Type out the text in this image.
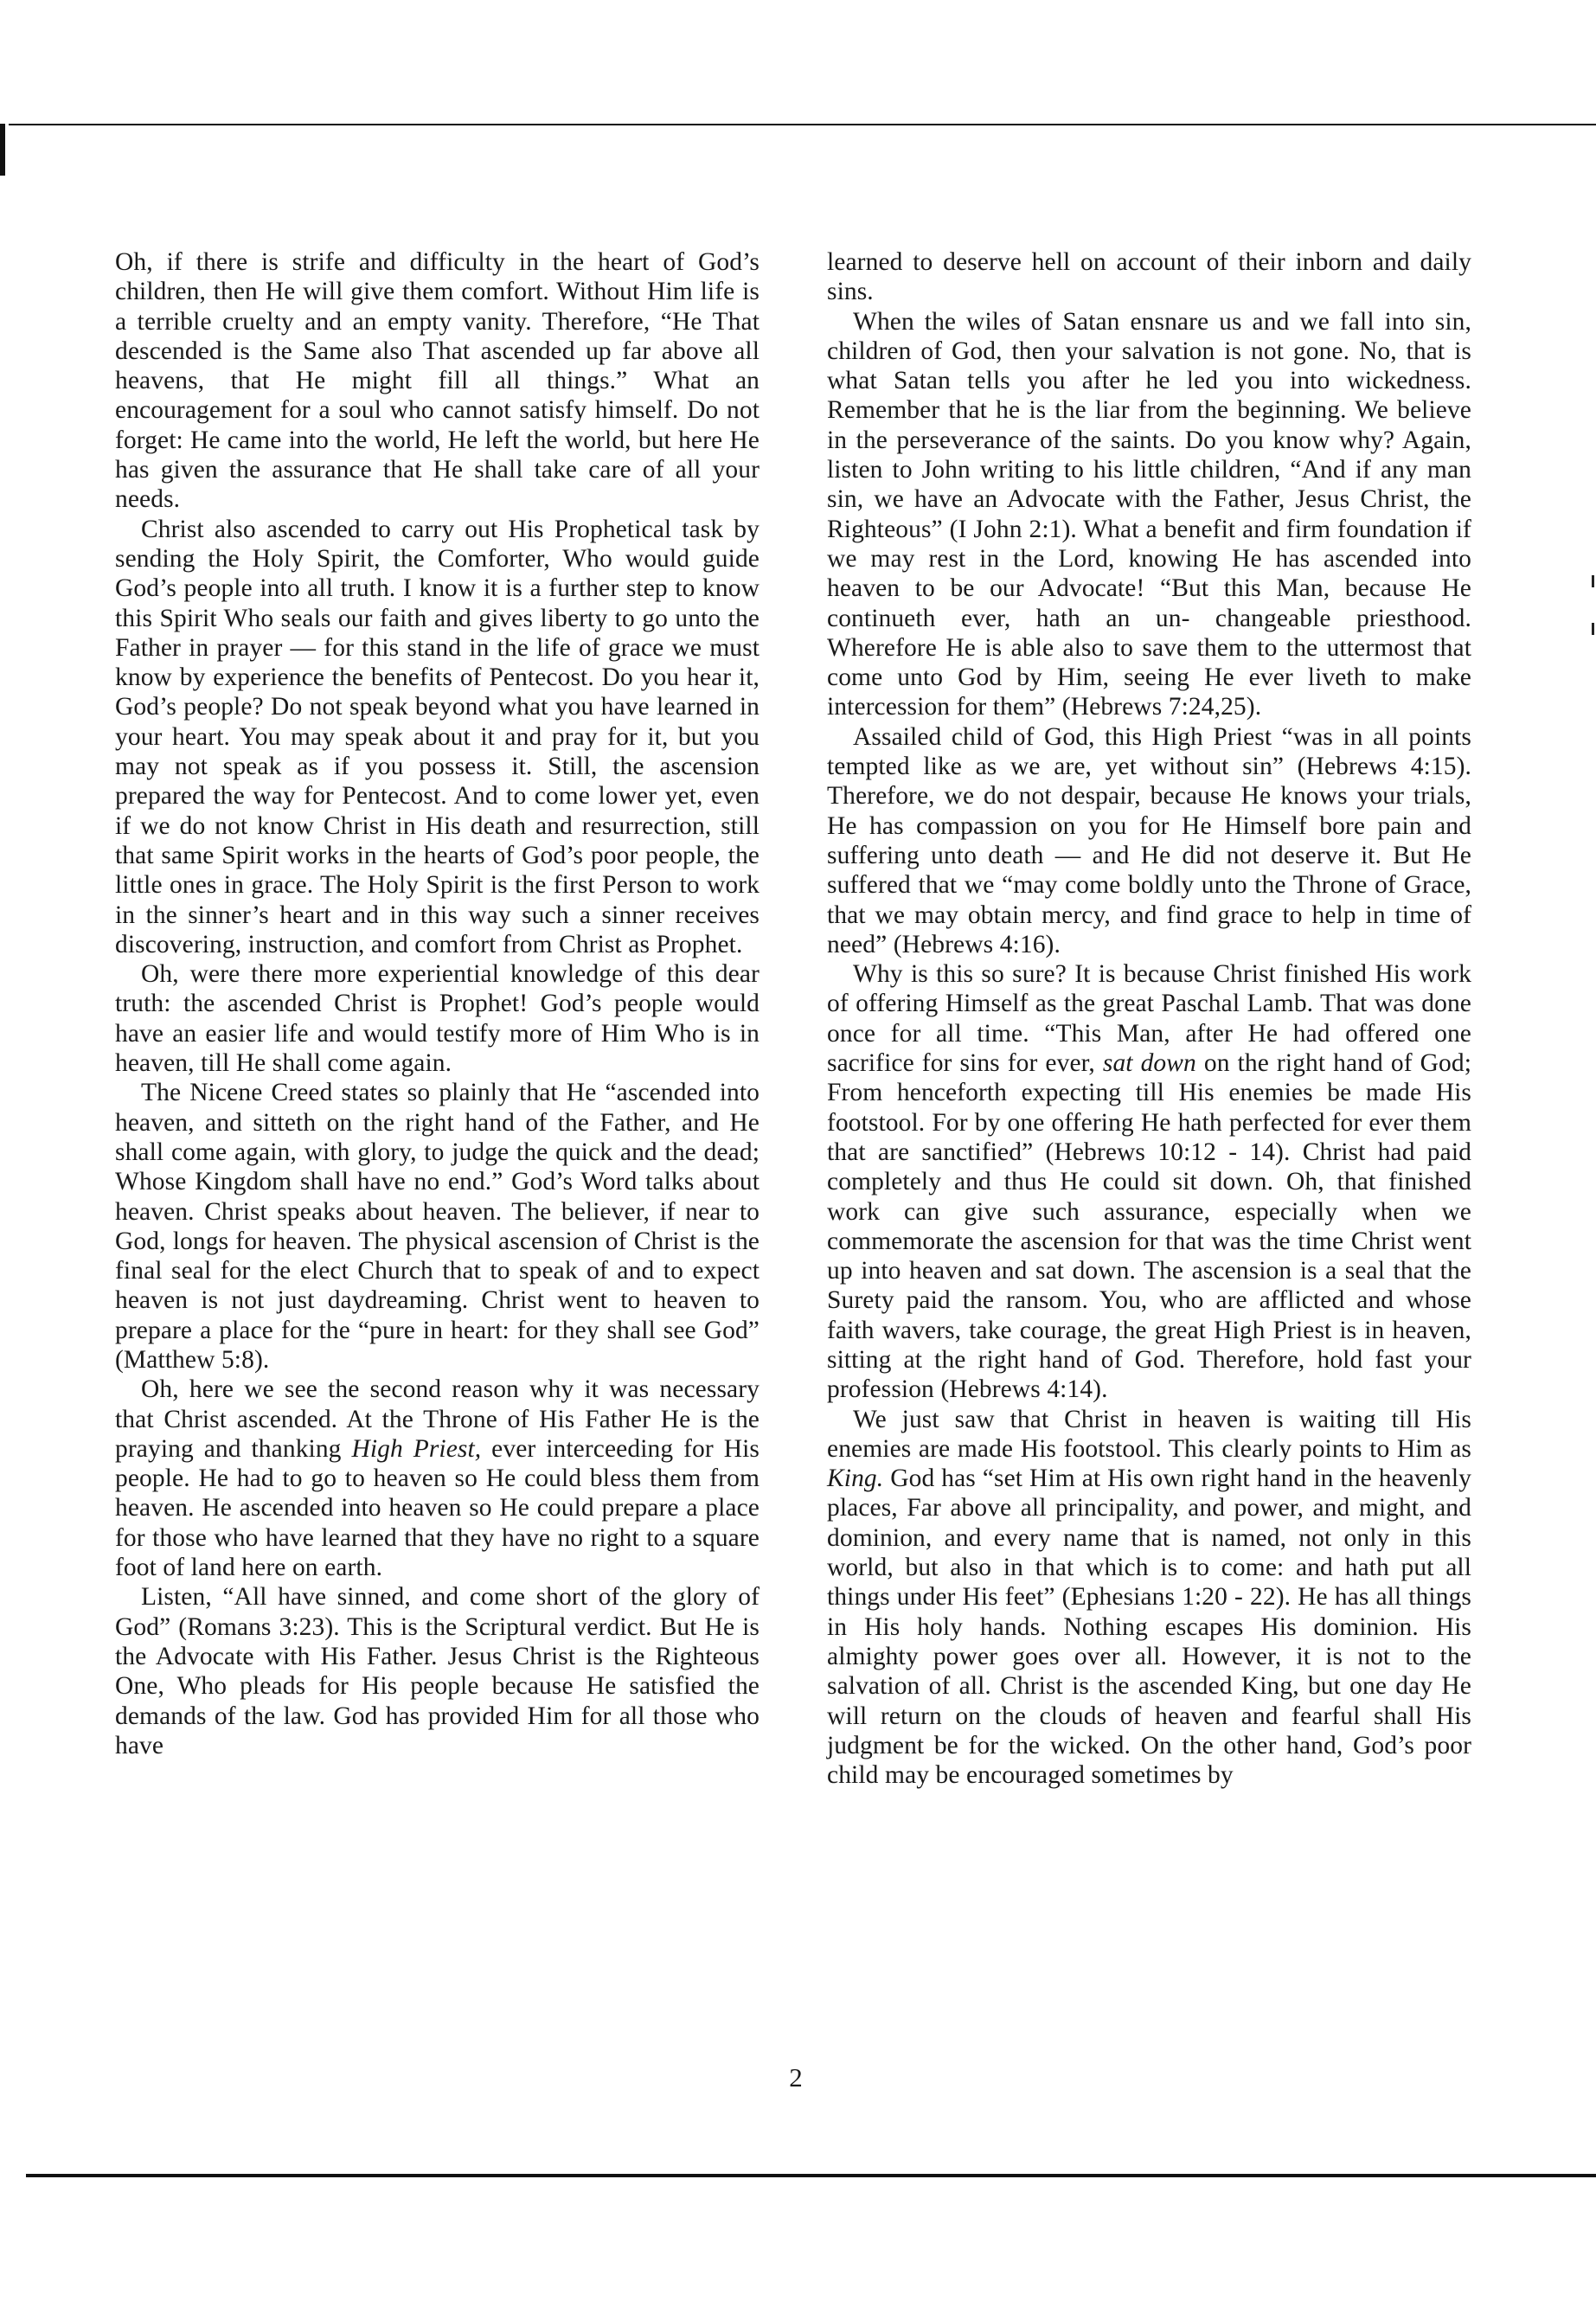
Oh, if there is strife and difficulty in the heart of God’s children, then He will give them comfort. Without Him life is a terrible cruelty and an empty vanity. Therefore, “He That descended is the Same also That ascended up far above all heavens, that He might fill all things.” What an encouragement for a soul who cannot satisfy himself. Do not forget: He came into the world, He left the world, but here He has given the assurance that He shall take care of all your needs.

Christ also ascended to carry out His Prophetical task by sending the Holy Spirit, the Comforter, Who would guide God’s people into all truth. I know it is a further step to know this Spirit Who seals our faith and gives liberty to go unto the Father in prayer — for this stand in the life of grace we must know by experience the benefits of Pentecost. Do you hear it, God’s people? Do not speak beyond what you have learned in your heart. You may speak about it and pray for it, but you may not speak as if you possess it. Still, the ascension prepared the way for Pentecost. And to come lower yet, even if we do not know Christ in His death and resurrection, still that same Spirit works in the hearts of God’s poor people, the little ones in grace. The Holy Spirit is the first Person to work in the sinner’s heart and in this way such a sinner receives discovering, instruction, and comfort from Christ as Prophet.

Oh, were there more experiential knowledge of this dear truth: the ascended Christ is Prophet! God’s people would have an easier life and would testify more of Him Who is in heaven, till He shall come again.

The Nicene Creed states so plainly that He “ascended into heaven, and sitteth on the right hand of the Father, and He shall come again, with glory, to judge the quick and the dead; Whose Kingdom shall have no end.” God’s Word talks about heaven. Christ speaks about heaven. The believer, if near to God, longs for heaven. The physical ascension of Christ is the final seal for the elect Church that to speak of and to expect heaven is not just daydreaming. Christ went to heaven to prepare a place for the “pure in heart: for they shall see God” (Matthew 5:8).

Oh, here we see the second reason why it was necessary that Christ ascended. At the Throne of His Father He is the praying and thanking High Priest, ever interceeding for His people. He had to go to heaven so He could bless them from heaven. He ascended into heaven so He could prepare a place for those who have learned that they have no right to a square foot of land here on earth.

Listen, “All have sinned, and come short of the glory of God” (Romans 3:23). This is the Scriptural verdict. But He is the Advocate with His Father. Jesus Christ is the Righteous One, Who pleads for His people because He satisfied the demands of the law. God has provided Him for all those who have

learned to deserve hell on account of their inborn and daily sins.

When the wiles of Satan ensnare us and we fall into sin, children of God, then your salvation is not gone. No, that is what Satan tells you after he led you into wickedness. Remember that he is the liar from the beginning. We believe in the perseverance of the saints. Do you know why? Again, listen to John writing to his little children, “And if any man sin, we have an Advocate with the Father, Jesus Christ, the Righteous” (I John 2:1). What a benefit and firm foundation if we may rest in the Lord, knowing He has ascended into heaven to be our Advocate! “But this Man, because He continueth ever, hath an un- changeable priesthood. Wherefore He is able also to save them to the uttermost that come unto God by Him, seeing He ever liveth to make intercession for them” (Hebrews 7:24,25).

Assailed child of God, this High Priest “was in all points tempted like as we are, yet without sin” (Hebrews 4:15). Therefore, we do not despair, because He knows your trials, He has compassion on you for He Himself bore pain and suffering unto death — and He did not deserve it. But He suffered that we “may come boldly unto the Throne of Grace, that we may obtain mercy, and find grace to help in time of need” (Hebrews 4:16).

Why is this so sure? It is because Christ finished His work of offering Himself as the great Paschal Lamb. That was done once for all time. “This Man, after He had offered one sacrifice for sins for ever, sat down on the right hand of God; From henceforth expecting till His enemies be made His footstool. For by one offering He hath perfected for ever them that are sanctified” (Hebrews 10:12 - 14). Christ had paid completely and thus He could sit down. Oh, that finished work can give such assurance, especially when we commemorate the ascension for that was the time Christ went up into heaven and sat down. The ascension is a seal that the Surety paid the ransom. You, who are afflicted and whose faith wavers, take courage, the great High Priest is in heaven, sitting at the right hand of God. Therefore, hold fast your profession (Hebrews 4:14).

We just saw that Christ in heaven is waiting till His enemies are made His footstool. This clearly points to Him as King. God has “set Him at His own right hand in the heavenly places, Far above all principality, and power, and might, and dominion, and every name that is named, not only in this world, but also in that which is to come: and hath put all things under His feet” (Ephesians 1:20 - 22). He has all things in His holy hands. Nothing escapes His dominion. His almighty power goes over all. However, it is not to the salvation of all. Christ is the ascended King, but one day He will return on the clouds of heaven and fearful shall His judgment be for the wicked. On the other hand, God’s poor child may be encouraged sometimes by

2
